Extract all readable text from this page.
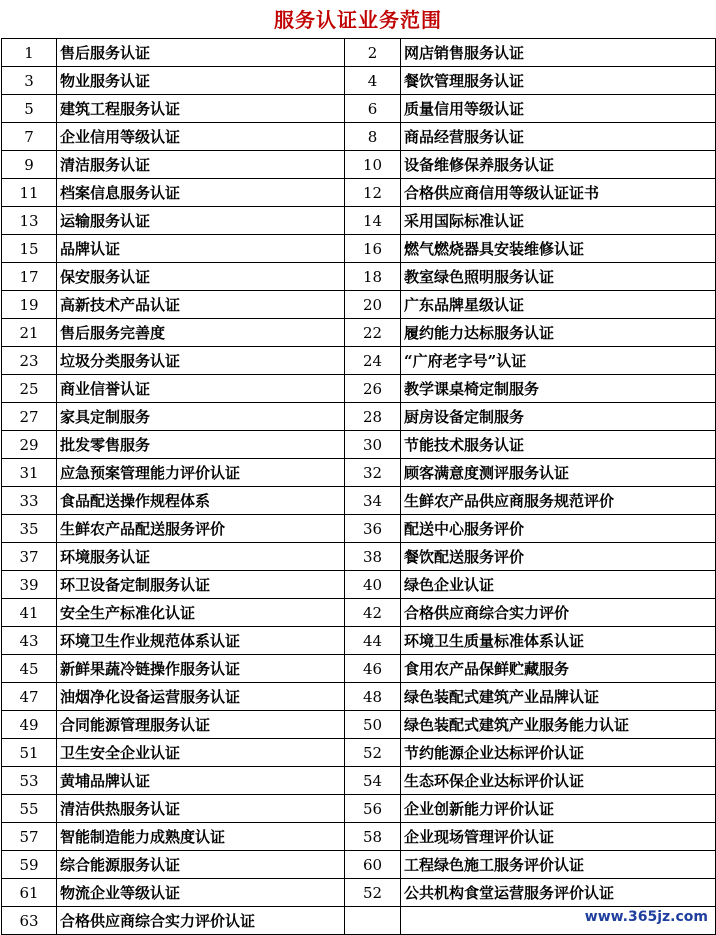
服务认证业务范围
1	售后服务认证	2	网店销售服务认证
3	物业服务认证	4	餐饮管理服务认证
5	建筑工程服务认证	6	质量信用等级认证
7	企业信用等级认证	8	商品经营服务认证
9	清洁服务认证	10	设备维修保养服务认证
11	档案信息服务认证	12	合格供应商信用等级认证证书
13	运输服务认证	14	采用国际标准认证
15	品牌认证	16	燃气燃烧器具安装维修认证
17	保安服务认证	18	教室绿色照明服务认证
19	高新技术产品认证	20	广东品牌星级认证
21	售后服务完善度	22	履约能力达标服务认证
23	垃圾分类服务认证	24	“广府老字号”认证
25	商业信誉认证	26	教学课桌椅定制服务
27	家具定制服务	28	厨房设备定制服务
29	批发零售服务	30	节能技术服务认证
31	应急预案管理能力评价认证	32	顾客满意度测评服务认证
33	食品配送操作规程体系	34	生鲜农产品供应商服务规范评价
35	生鲜农产品配送服务评价	36	配送中心服务评价
37	环境服务认证	38	餐饮配送服务评价
39	环卫设备定制服务认证	40	绿色企业认证
41	安全生产标准化认证	42	合格供应商综合实力评价
43	环境卫生作业规范体系认证	44	环境卫生质量标准体系认证
45	新鲜果蔬冷链操作服务认证	46	食用农产品保鲜贮藏服务
47	油烟净化设备运营服务认证	48	绿色装配式建筑产业品牌认证
49	合同能源管理服务认证	50	绿色装配式建筑产业服务能力认证
51	卫生安全企业认证	52	节约能源企业达标评价认证
53	黄埔品牌认证	54	生态环保企业达标评价认证
55	清洁供热服务认证	56	企业创新能力评价认证
57	智能制造能力成熟度认证	58	企业现场管理评价认证
59	综合能源服务认证	60	工程绿色施工服务评价认证
61	物流企业等级认证	52	公共机构食堂运营服务评价认证
63	合格供应商综合实力评价认证			www.365jz.com
